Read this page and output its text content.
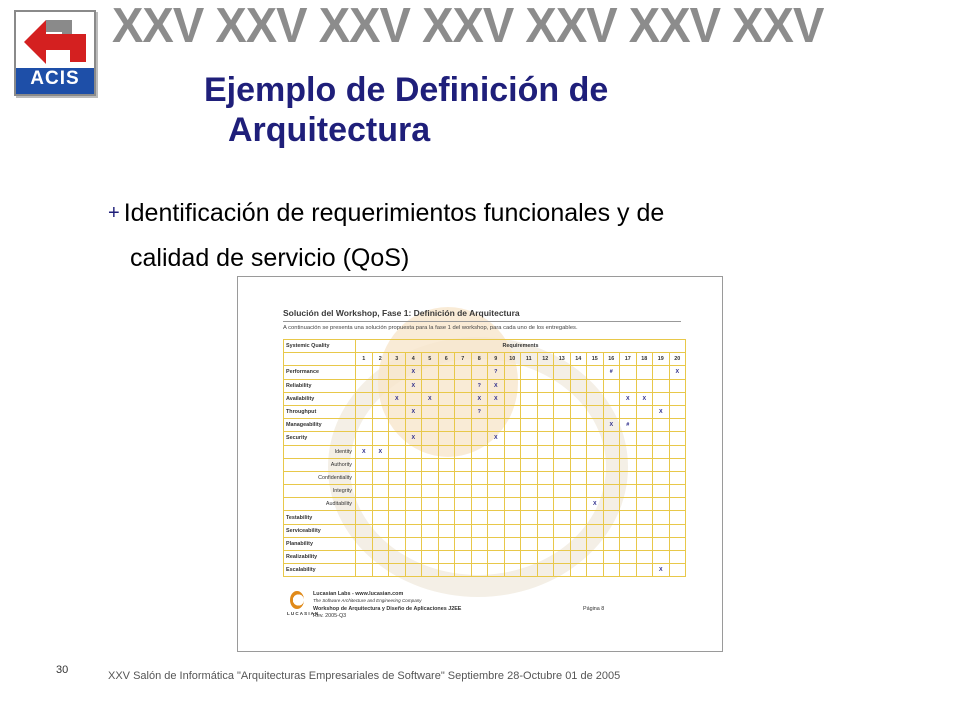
ACIS
XXV XXV XXV XXV XXV XXV XXV
Ejemplo de Definición de
Arquitectura
+ Identificación de requerimientos funcionales y de
calidad de servicio (QoS)
Solución del Workshop, Fase 1: Definición de Arquitectura
A continuación se presenta una solución propuesta para la fase 1 del workshop, para cada uno de los entregables.
Systemic Quality	Requirements																			
	1	2	3	4	5	6	7	8	9	10	11	12	13	14	15	16	17	18	19	20
Performance				X					?							#				X
Reliability				X				?	X											
Availability			X		X			X	X								X	X		
Throughput				X				?											X	
Manageability																X	#			
Security				X					X											
Identity	X	X																		
Authority																				
Confidentiality																				
Integrity																				
Auditability															X					
Testability																				
Serviceability																				
Planability																				
Realizability																				
Escalability																			X	
L U C A S I A N
Lucasian Labs - www.lucasian.com
The Software Architecture and Engineering Company
Workshop de Arquitectura y Diseño de Aplicaciones J2EE
Rev. 2005-Q3
Página 8
30	XXV Salón de Informática "Arquitecturas Empresariales de Software" Septiembre 28-Octubre 01 de 2005
